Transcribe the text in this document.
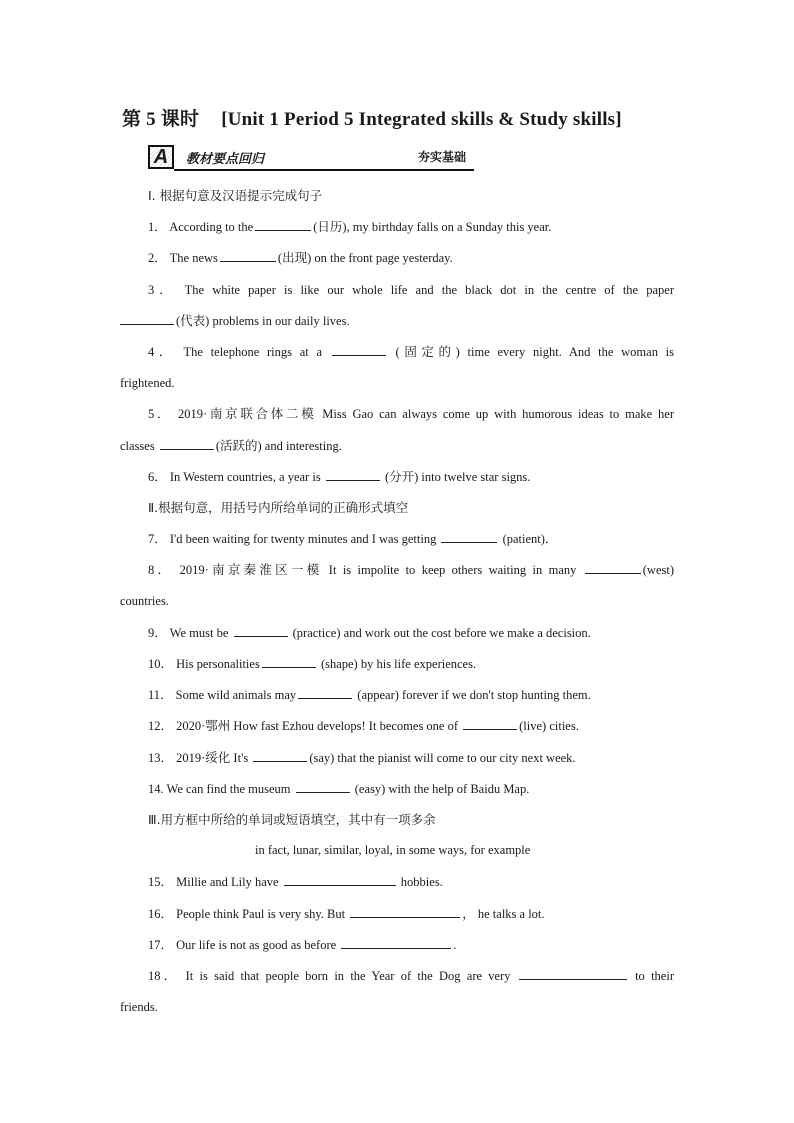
第 5 课时 [Unit 1 Period 5 Integrated skills & Study skills]
A	教材要点回归	夯实基础
Ⅰ. 根据句意及汉语提示完成句子
1． According to the	(日历), my birthday falls on a Sunday this year.
2． The news	(出现) on the front page yesterday.
3． The white paper is like our whole life and the black dot in the centre of the paper
(代表) problems in our daily lives.
4． The telephone rings at a	(固定的) time every night. And the woman is
frightened.
5． 2019·南京联合体二模 Miss Gao can always come up with humorous ideas to make her
classes	(活跃的) and interesting.
6． In Western countries, a year is	(分开) into twelve star signs.
Ⅱ.根据句意，用括号内所给单词的正确形式填空
7． I'd been waiting for twenty minutes and I was getting	(patient)．
8． 2019·南京秦淮区一模 It is impolite to keep others waiting in many	(west)
countries.
9． We must be	(practice) and work out the cost before we make a decision.
10． His personalities	(shape) by his life experiences.
11． Some wild animals may	(appear) forever if we don't stop hunting them.
12． 2020·鄂州 How fast Ezhou develops! It becomes one of	(live) cities.
13． 2019·绥化 It's	(say) that the pianist will come to our city next week.
14. We can find the museum	(easy) with the help of Baidu Map.
Ⅲ.用方框中所给的单词或短语填空，其中有一项多余
in fact, lunar, similar, loyal, in some ways, for example
15． Millie and Lily have	hobbies.
16． People think Paul is very shy. But	， he talks a lot.
17． Our life is not as good as before	.
18． It is said that people born in the Year of the Dog are very	to their
friends.
